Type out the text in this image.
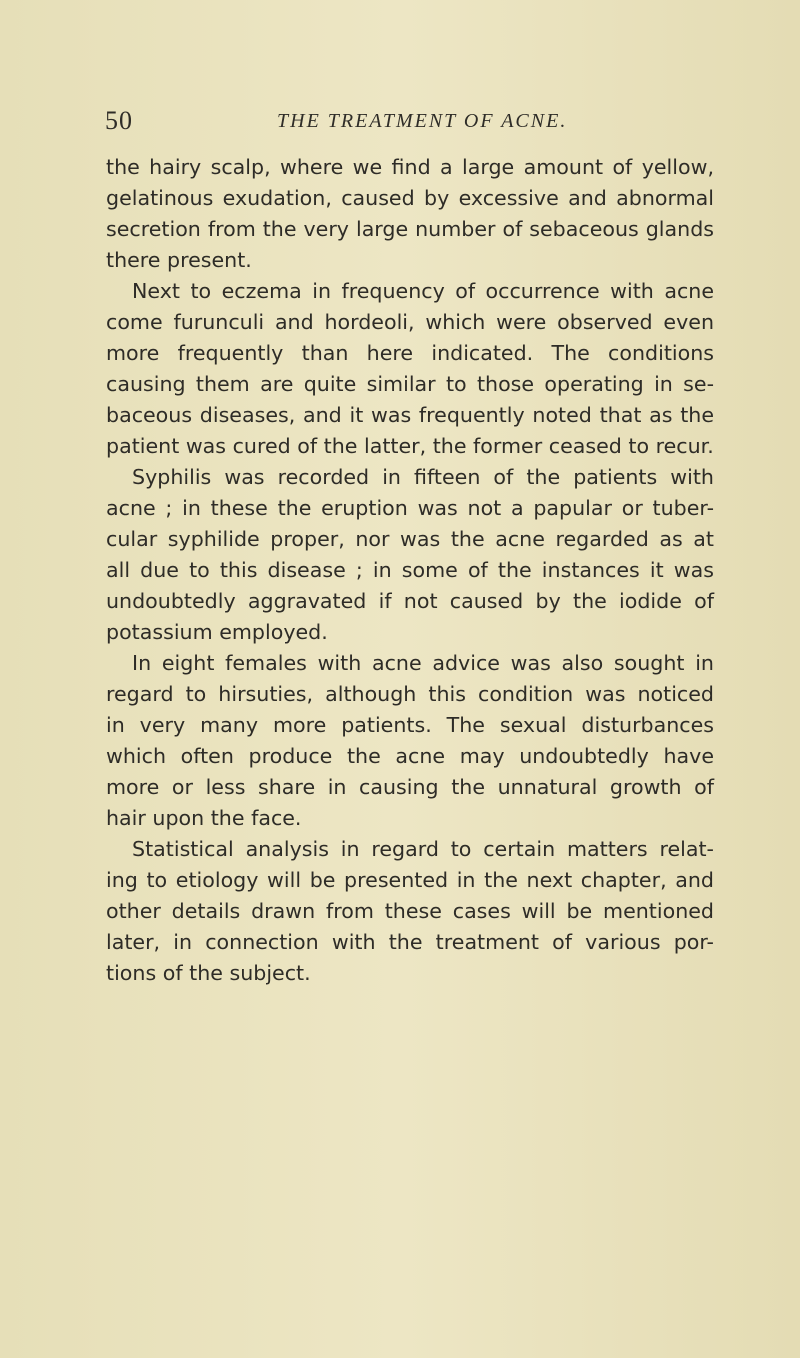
50	THE TREATMENT OF ACNE.
the hairy scalp, where we find a large amount of yellow,
gelatinous exudation, caused by excessive and abnormal
secretion from the very large number of sebaceous glands
there present.
Next to eczema in frequency of occurrence with acne
come furunculi and hordeoli, which were observed even
more frequently than here indicated. The conditions
causing them are quite similar to those operating in se-
baceous diseases, and it was frequently noted that as the
patient was cured of the latter, the former ceased to recur.
Syphilis was recorded in fifteen of the patients with
acne ; in these the eruption was not a papular or tuber-
cular syphilide proper, nor was the acne regarded as at
all due to this disease ; in some of the instances it was
undoubtedly aggravated if not caused by the iodide of
potassium employed.
In eight females with acne advice was also sought in
regard to hirsuties, although this condition was noticed
in very many more patients. The sexual disturbances
which often produce the acne may undoubtedly have
more or less share in causing the unnatural growth of
hair upon the face.
Statistical analysis in regard to certain matters relat-
ing to etiology will be presented in the next chapter, and
other details drawn from these cases will be mentioned
later, in connection with the treatment of various por-
tions of the subject.
